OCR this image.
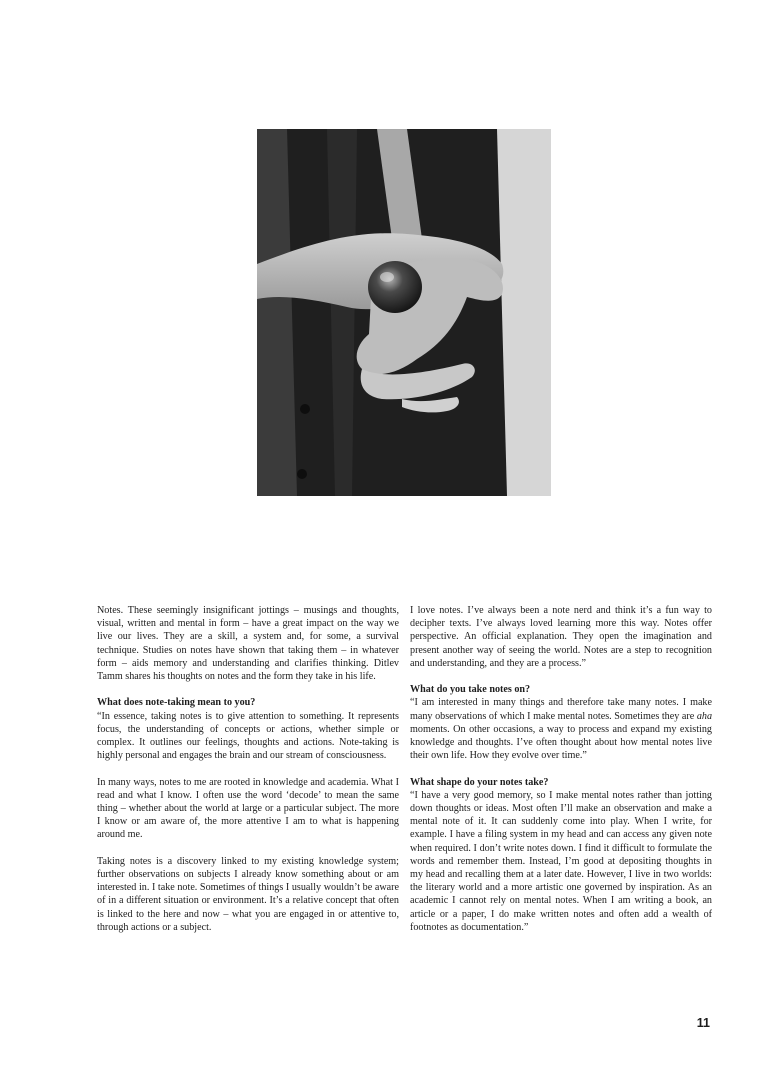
Notes. These seemingly insignificant jottings – musings and thoughts, visual, written and mental in form – have a great impact on the way we live our lives. They are a skill, a system and, for some, a survival technique. Studies on notes have shown that taking them – in whatever form – aids memory and understanding and clarifies thinking. Ditlev Tamm shares his thoughts on notes and the form they take in his life.

What does note-taking mean to you?

“In essence, taking notes is to give attention to something. It represents focus, the understanding of concepts or actions, whether simple or complex. It outlines our feelings, thoughts and actions. Note-taking is highly personal and engages the brain and our stream of consciousness.

In many ways, notes to me are rooted in knowledge and academia. What I read and what I know. I often use the word ‘decode’ to mean the same thing – whether about the world at large or a particular subject. The more I know or am aware of, the more attentive I am to what is happening around me.

Taking notes is a discovery linked to my existing knowledge system; further observations on subjects I already know something about or am interested in. I take note. Sometimes of things I usually wouldn’t be aware of in a different situation or environment. It’s a relative concept that often is linked to the here and now – what you are engaged in or attentive to, through actions or a subject.

I love notes. I’ve always been a note nerd and think it’s a fun way to decipher texts. I’ve always loved learning more this way. Notes offer perspective. An official explanation. They open the imagination and present another way of seeing the world. Notes are a step to recognition and understanding, and they are a process.”

What do you take notes on?

“I am interested in many things and therefore take many notes. I make many observations of which I make mental notes. Sometimes they are aha moments. On other occasions, a way to process and expand my existing knowledge and thoughts. I’ve often thought about how mental notes live their own life. How they evolve over time.”

What shape do your notes take?

“I have a very good memory, so I make mental notes rather than jotting down thoughts or ideas. Most often I’ll make an observation and make a mental note of it. It can suddenly come into play. When I write, for example. I have a filing system in my head and can access any given note when required. I don’t write notes down. I find it difficult to formulate the words and remember them. Instead, I’m good at depositing thoughts in my head and recalling them at a later date. However, I live in two worlds: the literary world and a more artistic one governed by inspiration. As an academic I cannot rely on mental notes. When I am writing a book, an article or a paper, I do make written notes and often add a wealth of footnotes as documentation.”

11
